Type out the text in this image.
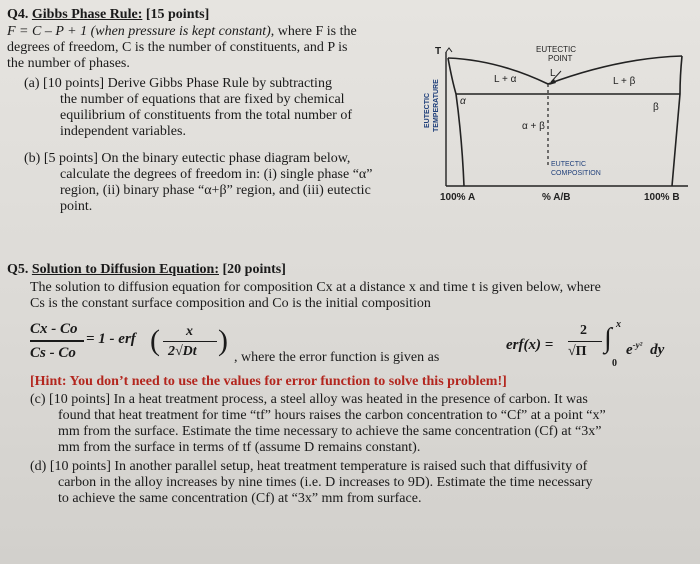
Q4. Gibbs Phase Rule: [15 points]
F = C – P + 1 (when pressure is kept constant), where F is the
degrees of freedom, C is the number of constituents, and P is
the number of phases.
(a) [10 points] Derive Gibbs Phase Rule by subtracting
the number of equations that are fixed by chemical
equilibrium of constituents from the total number of
independent variables.
(b) [5 points] On the binary eutectic phase diagram below,
calculate the degrees of freedom in: (i) single phase “α”
region, (ii) binary phase “α+β” region, and (iii) eutectic
point.
T	EUTECTIC
POINT
EUTECTIC TEMPERATURE	L + α
L
L + β
α
β
α + β
EUTECTIC
COMPOSITION
100% A	% A/B	100% B
Q5. Solution to Diffusion Equation: [20 points]
The solution to diffusion equation for composition Cx at a distance x and time t is given below, where
Cs is the constant surface composition and Co is the initial composition
Cx - Co
Cs - Co
= 1 - erf ( x
2√Dt )
, where the error function is given as
erf(x) =
2
√Π
x
∫
0
$e^{-y^2}$ dy
[Hint: You don’t need to use the values for error function to solve this problem!]
(c) [10 points] In a heat treatment process, a steel alloy was heated in the presence of carbon. It was
found that heat treatment for time “tf” hours raises the carbon concentration to “Cf” at a point “x”
mm from the surface. Estimate the time necessary to achieve the same concentration (Cf) at “3x”
mm from the surface in terms of tf (assume D remains constant).
(d) [10 points] In another parallel setup, heat treatment temperature is raised such that diffusivity of
carbon in the alloy increases by nine times (i.e. D increases to 9D). Estimate the time necessary
to achieve the same concentration (Cf) at “3x” mm from surface.
